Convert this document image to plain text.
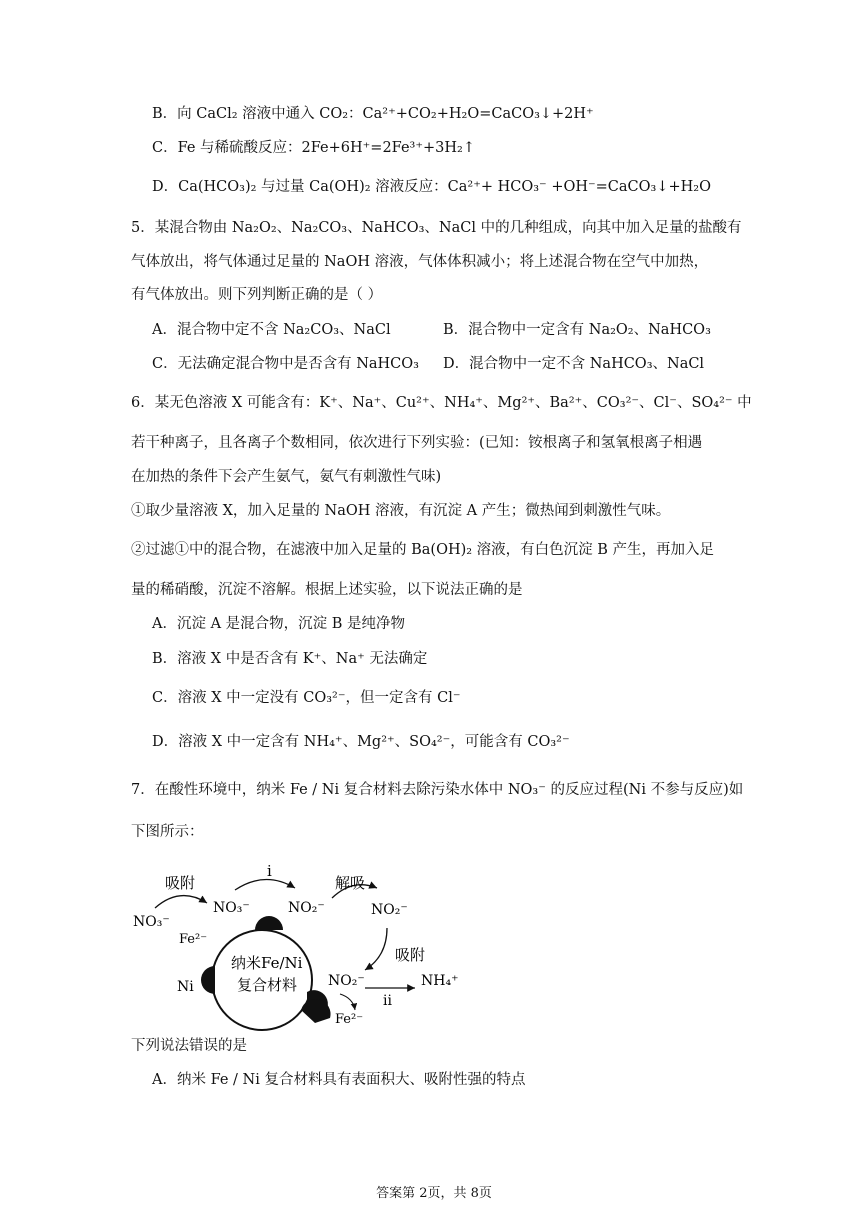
B．向 CaCl₂ 溶液中通入 CO₂：Ca²⁺+CO₂+H₂O=CaCO₃↓+2H⁺
C．Fe 与稀硫酸反应：2Fe+6H⁺=2Fe³⁺+3H₂↑
D．Ca(HCO₃)₂ 与过量 Ca(OH)₂ 溶液反应：Ca²⁺+ HCO₃⁻ +OH⁻=CaCO₃↓+H₂O
5．某混合物由 Na₂O₂、Na₂CO₃、NaHCO₃、NaCl 中的几种组成，向其中加入足量的盐酸有
气体放出，将气体通过足量的 NaOH 溶液，气体体积减小；将上述混合物在空气中加热，
有气体放出。则下列判断正确的是（ ）
A．混合物中定不含 Na₂CO₃、NaCl	B．混合物中一定含有 Na₂O₂、NaHCO₃
C．无法确定混合物中是否含有 NaHCO₃ D．混合物中一定不含 NaHCO₃、NaCl
6．某无色溶液 X 可能含有：K⁺、Na⁺、Cu²⁺、NH₄⁺、Mg²⁺、Ba²⁺、CO₃²⁻、Cl⁻、SO₄²⁻ 中
若干种离子，且各离子个数相同，依次进行下列实验：(已知：铵根离子和氢氧根离子相遇
在加热的条件下会产生氨气，氨气有刺激性气味)
①取少量溶液 X，加入足量的 NaOH 溶液，有沉淀 A 产生；微热闻到刺激性气味。
②过滤①中的混合物，在滤液中加入足量的 Ba(OH)₂ 溶液，有白色沉淀 B 产生，再加入足
量的稀硝酸，沉淀不溶解。根据上述实验，以下说法正确的是
A．沉淀 A 是混合物，沉淀 B 是纯净物
B．溶液 X 中是否含有 K⁺、Na⁺ 无法确定
C．溶液 X 中一定没有 CO₃²⁻，但一定含有 Cl⁻
D．溶液 X 中一定含有 NH₄⁺、Mg²⁺、SO₄²⁻，可能含有 CO₃²⁻
7．在酸性环境中，纳米 Fe / Ni 复合材料去除污染水体中 NO₃⁻ 的反应过程(Ni 不参与反应)如
下图所示：
下列说法错误的是
A．纳米 Fe / Ni 复合材料具有表面积大、吸附性强的特点
吸附
i
解吸
吸附
ii
NO₃⁻
NO₃⁻	NO₂⁻	NO₂⁻
NO₂⁻	NH₄⁺
Fe²⁻
Fe²⁻
Ni
纳米Fe/Ni
复合材料
答案第 2页，共 8页
